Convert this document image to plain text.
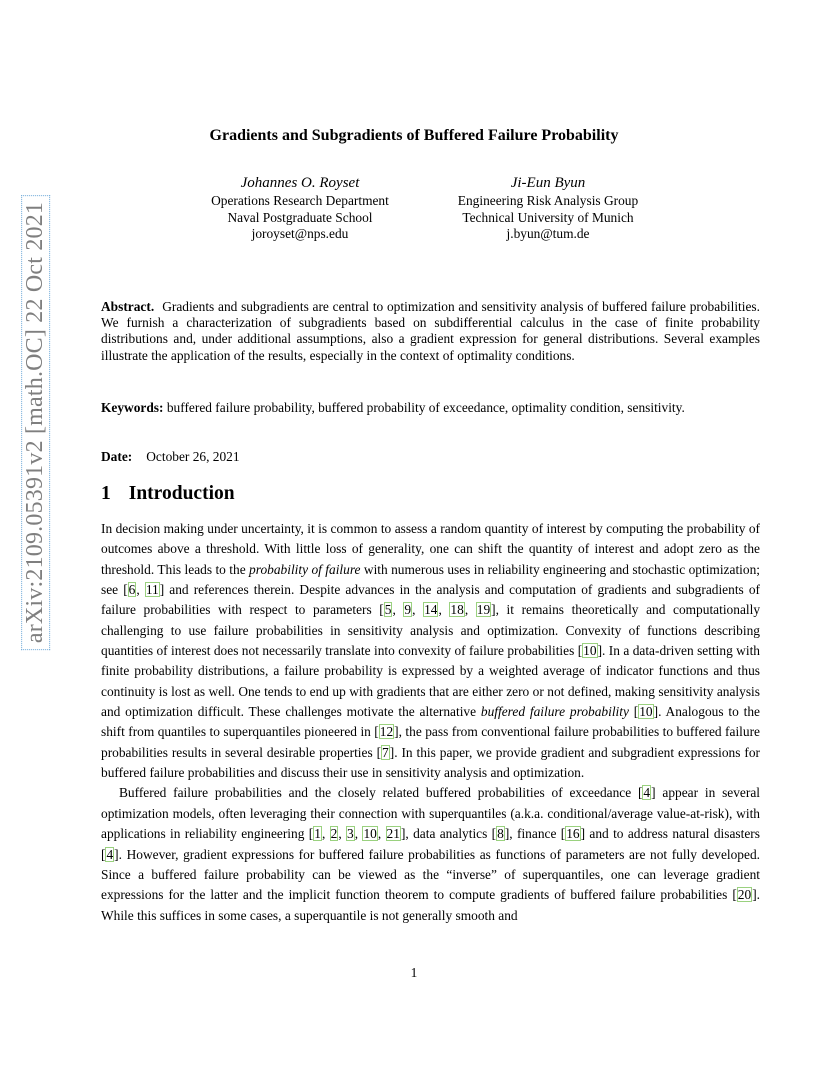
arXiv:2109.05391v2 [math.OC] 22 Oct 2021
Gradients and Subgradients of Buffered Failure Probability
Johannes O. Royset
Operations Research Department
Naval Postgraduate School
joroyset@nps.edu
Ji-Eun Byun
Engineering Risk Analysis Group
Technical University of Munich
j.byun@tum.de

Abstract. Gradients and subgradients are central to optimization and sensitivity analysis of buffered failure probabilities. We furnish a characterization of subgradients based on subdifferential calculus in the case of finite probability distributions and, under additional assumptions, also a gradient expression for general distributions. Several examples illustrate the application of the results, especially in the context of optimality conditions.

Keywords: buffered failure probability, buffered probability of exceedance, optimality condition, sensitivity.
Date: October 26, 2021
1 Introduction

In decision making under uncertainty, it is common to assess a random quantity of interest by computing the probability of outcomes above a threshold. With little loss of generality, one can shift the quantity of interest and adopt zero as the threshold. This leads to the probability of failure with numerous uses in reliability engineering and stochastic optimization; see [6, 11] and references therein. Despite advances in the analysis and computation of gradients and subgradients of failure probabilities with respect to parameters [5, 9, 14, 18, 19], it remains theoretically and computationally challenging to use failure probabilities in sensitivity analysis and optimization. Convexity of functions describing quantities of interest does not necessarily translate into convexity of failure probabilities [10]. In a data-driven setting with finite probability distributions, a failure probability is expressed by a weighted average of indicator functions and thus continuity is lost as well. One tends to end up with gradients that are either zero or not defined, making sensitivity analysis and optimization difficult. These challenges motivate the alternative buffered failure probability [10]. Analogous to the shift from quantiles to superquantiles pioneered in [12], the pass from conventional failure probabilities to buffered failure probabilities results in several desirable properties [7]. In this paper, we provide gradient and subgradient expressions for buffered failure probabilities and discuss their use in sensitivity analysis and optimization.

Buffered failure probabilities and the closely related buffered probabilities of exceedance [4] appear in several optimization models, often leveraging their connection with superquantiles (a.k.a. conditional/average value-at-risk), with applications in reliability engineering [1, 2, 3, 10, 21], data analytics [8], finance [16] and to address natural disasters [4]. However, gradient expressions for buffered failure probabilities as functions of parameters are not fully developed. Since a buffered failure probability can be viewed as the “inverse” of superquantiles, one can leverage gradient expressions for the latter and the implicit function theorem to compute gradients of buffered failure probabilities [20]. While this suffices in some cases, a superquantile is not generally smooth and

1
